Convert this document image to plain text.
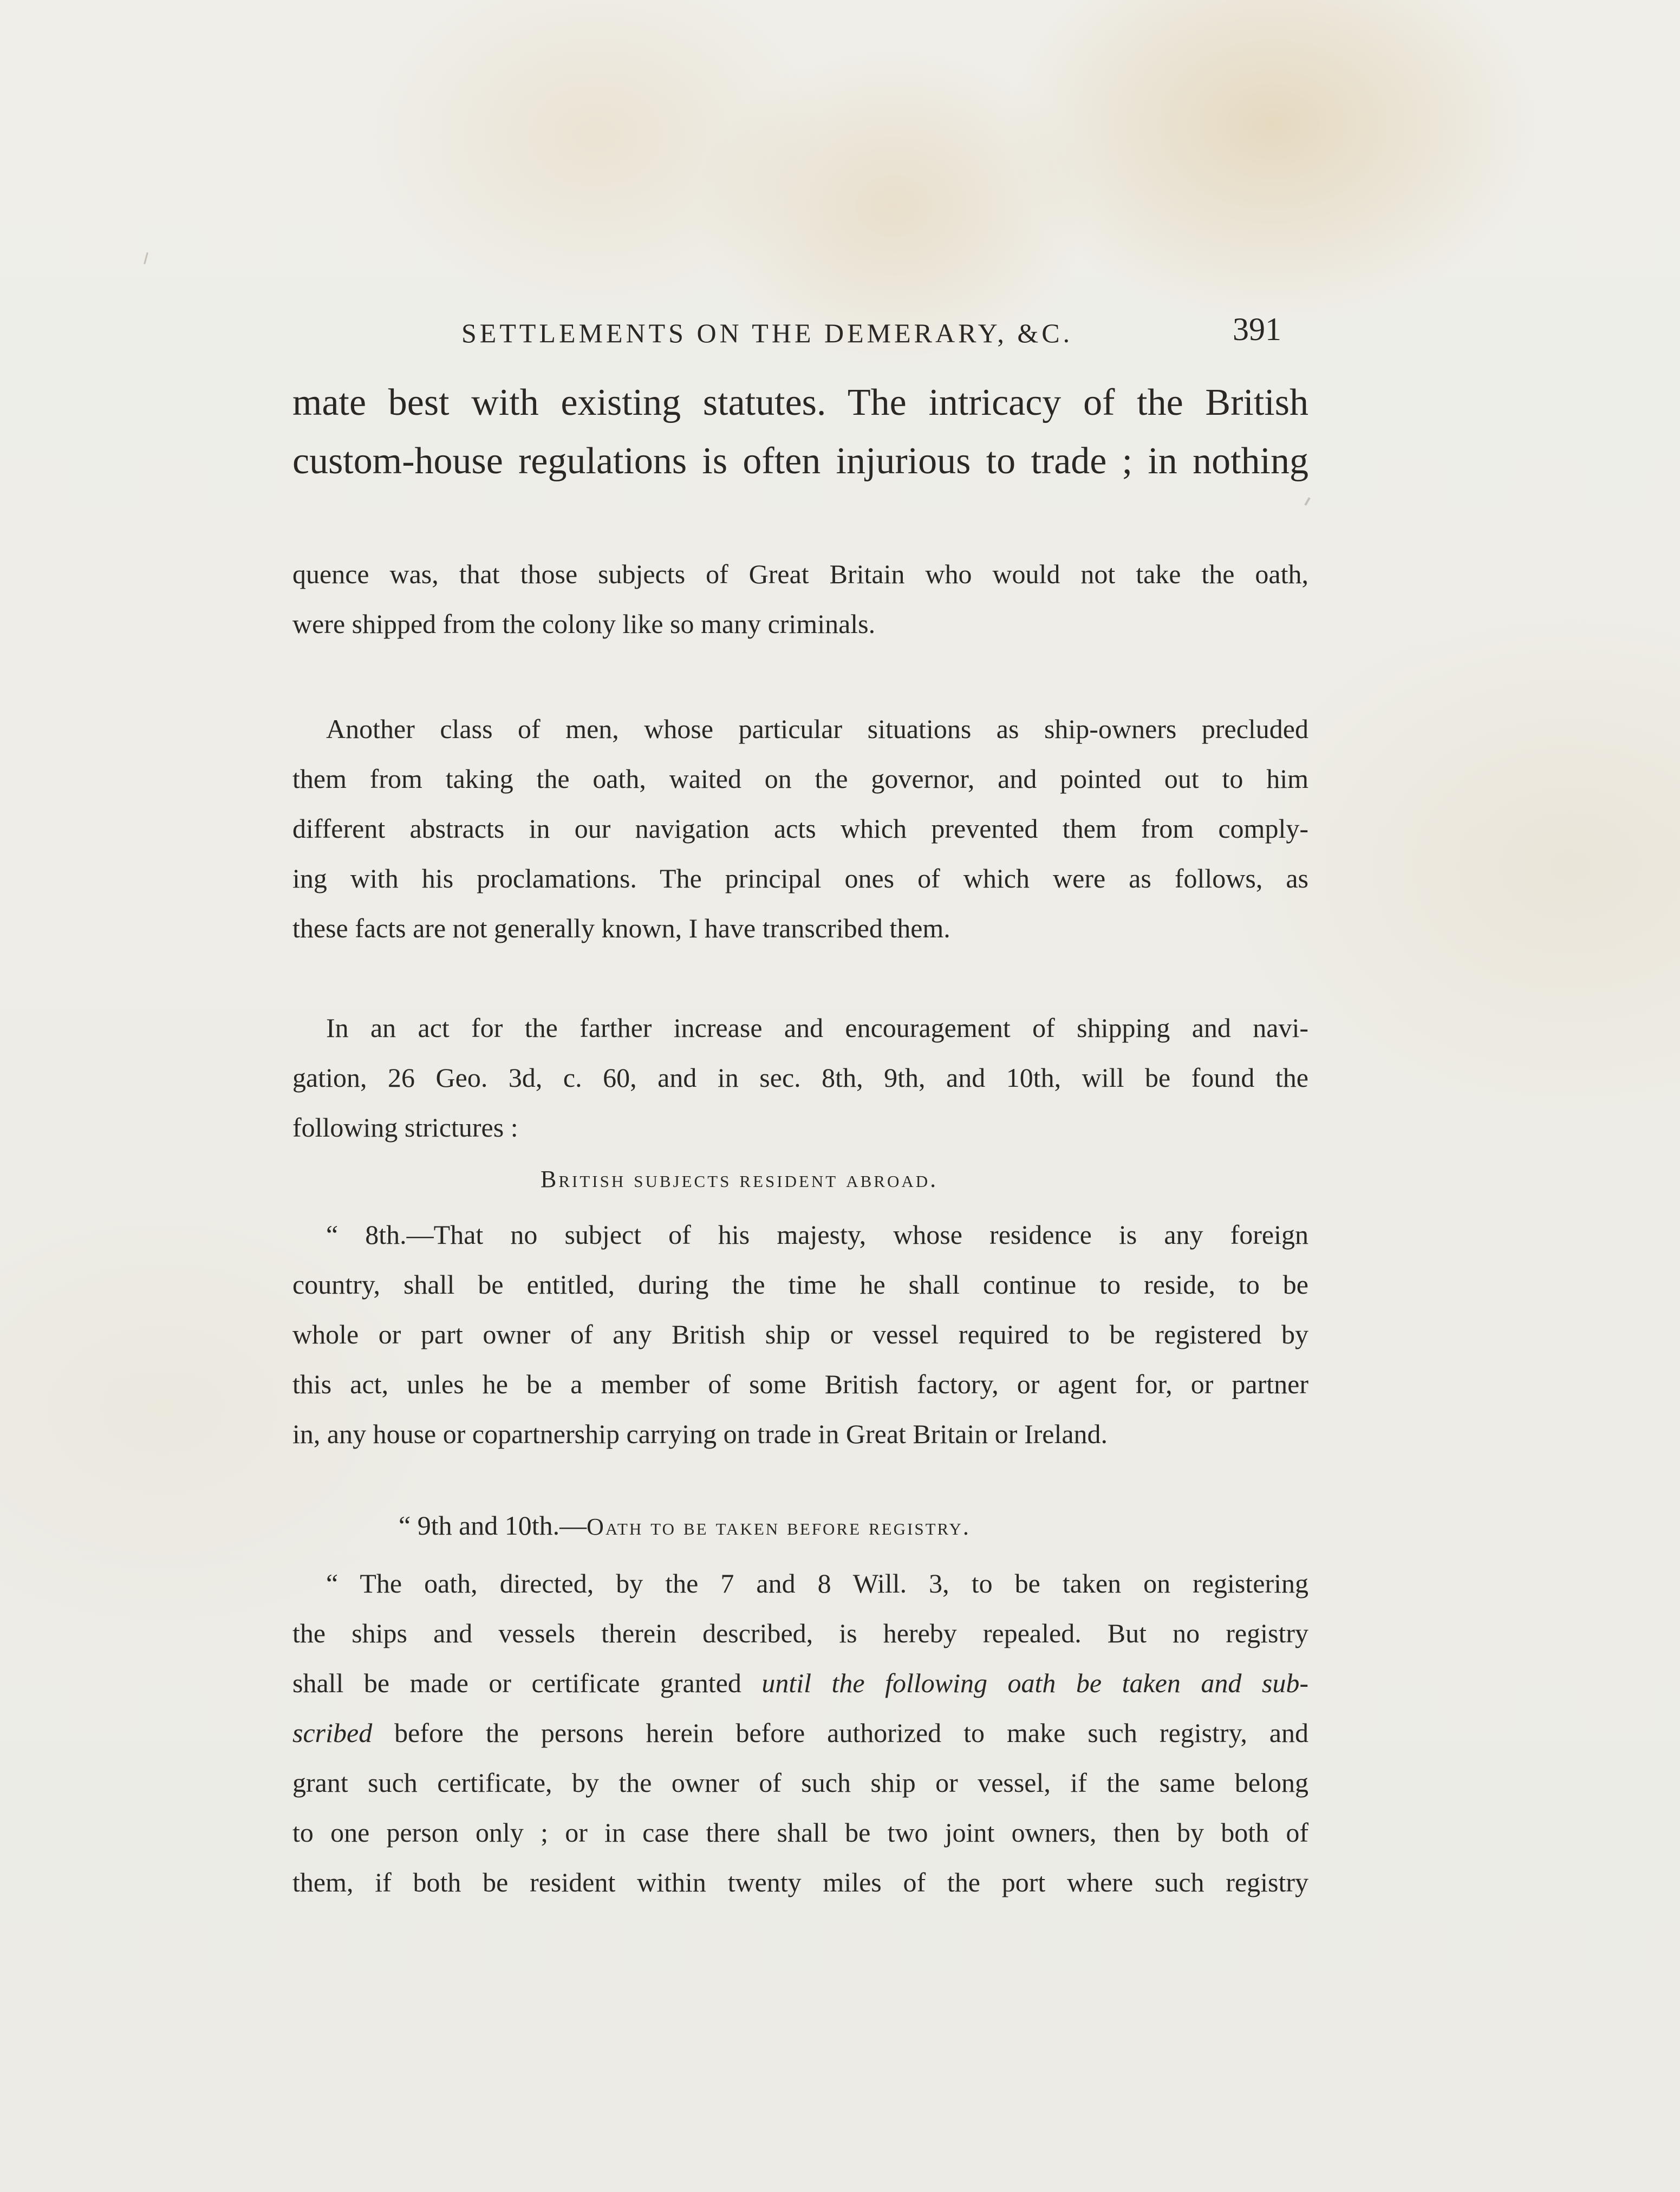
SETTLEMENTS ON THE DEMERARY, &C.	391
mate best with existing statutes. The intricacy of the British
custom-house regulations is often injurious to trade ; in nothing
quence was, that those subjects of Great Britain who would not take the oath,
were shipped from the colony like so many criminals.
Another class of men, whose particular situations as ship-owners precluded
them from taking the oath, waited on the governor, and pointed out to him
different abstracts in our navigation acts which prevented them from comply-
ing with his proclamations. The principal ones of which were as follows, as
these facts are not generally known, I have transcribed them.
In an act for the farther increase and encouragement of shipping and navi-
gation, 26 Geo. 3d, c. 60, and in sec. 8th, 9th, and 10th, will be found the
following strictures :
British subjects resident abroad.
“ 8th.—That no subject of his majesty, whose residence is any foreign
country, shall be entitled, during the time he shall continue to reside, to be
whole or part owner of any British ship or vessel required to be registered by
this act, unles he be a member of some British factory, or agent for, or partner
in, any house or copartnership carrying on trade in Great Britain or Ireland.
“ 9th and 10th.—Oath to be taken before registry.
“ The oath, directed, by the 7 and 8 Will. 3, to be taken on registering
the ships and vessels therein described, is hereby repealed. But no registry
shall be made or certificate granted until the following oath be taken and sub-
scribed before the persons herein before authorized to make such registry, and
grant such certificate, by the owner of such ship or vessel, if the same belong
to one person only ; or in case there shall be two joint owners, then by both of
them, if both be resident within twenty miles of the port where such registry
